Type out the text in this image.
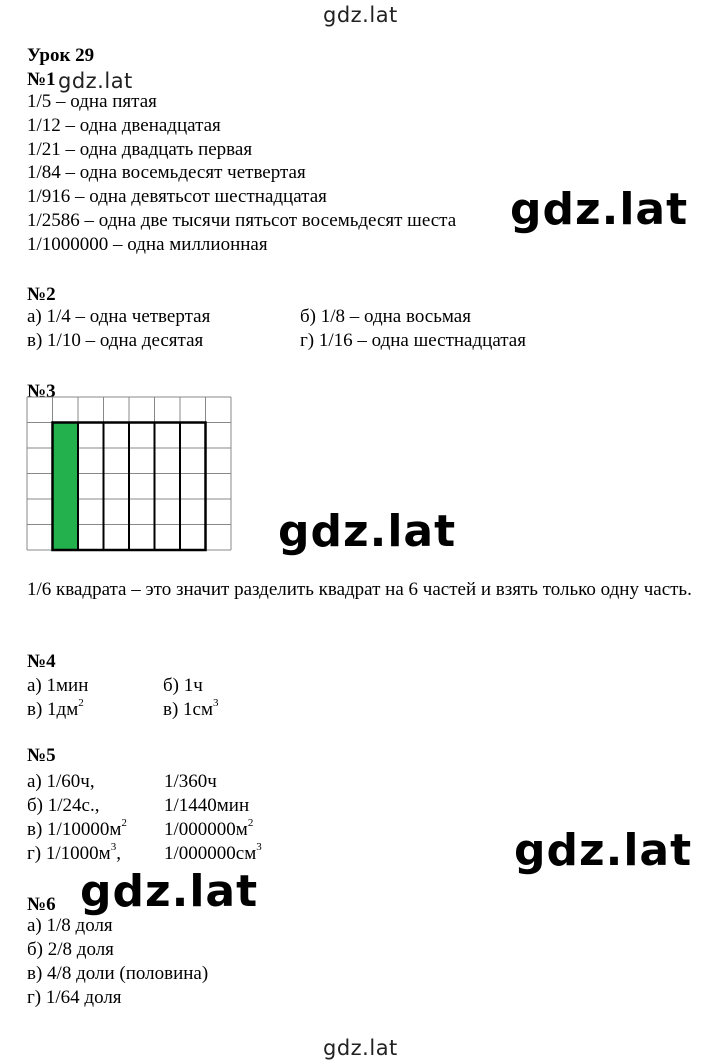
gdz.lat
gdz.lat
gdz.lat
gdz.lat
gdz.lat
gdz.lat
gdz.lat
Урок 29
№1
1/5 – одна пятая
1/12 – одна двенадцатая
1/21 – одна двадцать первая
1/84 – одна восемьдесят четвертая
1/916 – одна девятьсот шестнадцатая
1/2586 – одна две тысячи пятьсот восемьдесят шеста
1/1000000 – одна миллионная
№2
а) 1/4 – одна четвертая	б) 1/8 – одна восьмая
в) 1/10 – одна десятая	г) 1/16 – одна шестнадцатая
№3
1/6 квадрата – это значит разделить квадрат на 6 частей и взять только одну часть.
№4
а) 1мин	б) 1ч
в) $1дм^2$	в) $1см^3$
№5
а) 1/60ч,	1/360ч
б) 1/24с.,	1/1440мин
в) $1/10000м^2$ $1/000000м^2$
г) $1/1000м^3$, $1/000000см^3$
№6
а) 1/8 доля
б) 2/8 доля
в) 4/8 доли (половина)
г) 1/64 доля
